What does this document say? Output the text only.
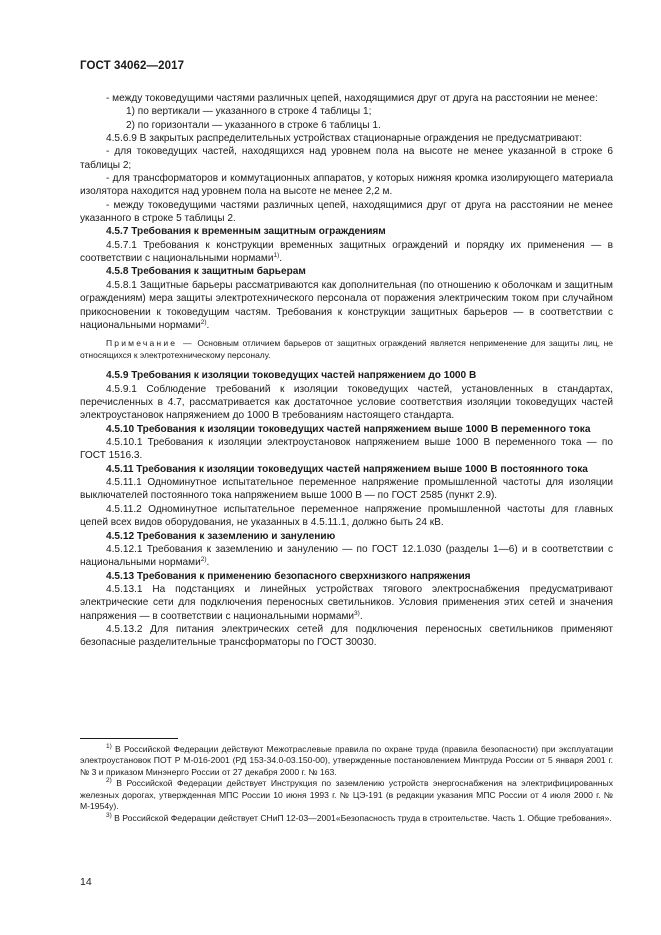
ГОСТ 34062—2017

- между токоведущими частями различных цепей, находящимися друг от друга на расстоянии не менее:

1) по вертикали — указанного в строке 4 таблицы 1;

2) по горизонтали — указанного в строке 6 таблицы 1.

4.5.6.9 В закрытых распределительных устройствах стационарные ограждения не предусматривают:

- для токоведущих частей, находящихся над уровнем пола на высоте не менее указанной в строке 6 таблицы 2;

- для трансформаторов и коммутационных аппаратов, у которых нижняя кромка изолирующего материала изолятора находится над уровнем пола на высоте не менее 2,2 м.

- между токоведущими частями различных цепей, находящимися друг от друга на расстоянии не менее указанного в строке 5 таблицы 2.

4.5.7 Требования к временным защитным ограждениям

4.5.7.1 Требования к конструкции временных защитных ограждений и порядку их применения — в соответствии с национальными нормами$^{1)}$.

4.5.8 Требования к защитным барьерам

4.5.8.1 Защитные барьеры рассматриваются как дополнительная (по отношению к оболочкам и защитным ограждениям) мера защиты электротехнического персонала от поражения электрическим током при случайном прикосновении к токоведущим частям. Требования к конструкции защитных барьеров — в соответствии с национальными нормами$^{2)}$.

Примечание — Основным отличием барьеров от защитных ограждений является неприменение для защиты лиц, не относящихся к электротехническому персоналу.

4.5.9 Требования к изоляции токоведущих частей напряжением до 1000 В

4.5.9.1 Соблюдение требований к изоляции токоведущих частей, установленных в стандартах, перечисленных в 4.7, рассматривается как достаточное условие соответствия изоляции токоведущих частей электроустановок напряжением до 1000 В требованиям настоящего стандарта.

4.5.10 Требования к изоляции токоведущих частей напряжением выше 1000 В переменного тока

4.5.10.1 Требования к изоляции электроустановок напряжением выше 1000 В переменного тока — по ГОСТ 1516.3.

4.5.11 Требования к изоляции токоведущих частей напряжением выше 1000 В постоянного тока

4.5.11.1 Одноминутное испытательное переменное напряжение промышленной частоты для изоляции выключателей постоянного тока напряжением выше 1000 В — по ГОСТ 2585 (пункт 2.9).

4.5.11.2 Одноминутное испытательное переменное напряжение промышленной частоты для главных цепей всех видов оборудования, не указанных в 4.5.11.1, должно быть 24 кВ.

4.5.12 Требования к заземлению и занулению

4.5.12.1 Требования к заземлению и занулению — по ГОСТ 12.1.030 (разделы 1—6) и в соответствии с национальными нормами$^{2)}$.

4.5.13 Требования к применению безопасного сверхнизкого напряжения

4.5.13.1 На подстанциях и линейных устройствах тягового электроснабжения предусматривают электрические сети для подключения переносных светильников. Условия применения этих сетей и значения напряжения — в соответствии с национальными нормами$^{3)}$.

4.5.13.2 Для питания электрических сетей для подключения переносных светильников применяют безопасные разделительные трансформаторы по ГОСТ 30030.

$^{1)}$ В Российской Федерации действуют Межотраслевые правила по охране труда (правила безопасности) при эксплуатации электроустановок ПОТ Р М-016-2001 (РД 153-34.0-03.150-00), утвержденные постановлением Минтруда России от 5 января 2001 г. № 3 и приказом Минэнерго России от 27 декабря 2000 г. № 163.

$^{2)}$ В Российской Федерации действует Инструкция по заземлению устройств энергоснабжения на электрифицированных железных дорогах, утвержденная МПС России 10 июня 1993 г. № ЦЭ-191 (в редакции указания МПС России от 4 июля 2000 г. № М-1954у).

$^{3)}$ В Российской Федерации действует СНиП 12-03—2001«Безопасность труда в строительстве. Часть 1. Общие требования».

14
